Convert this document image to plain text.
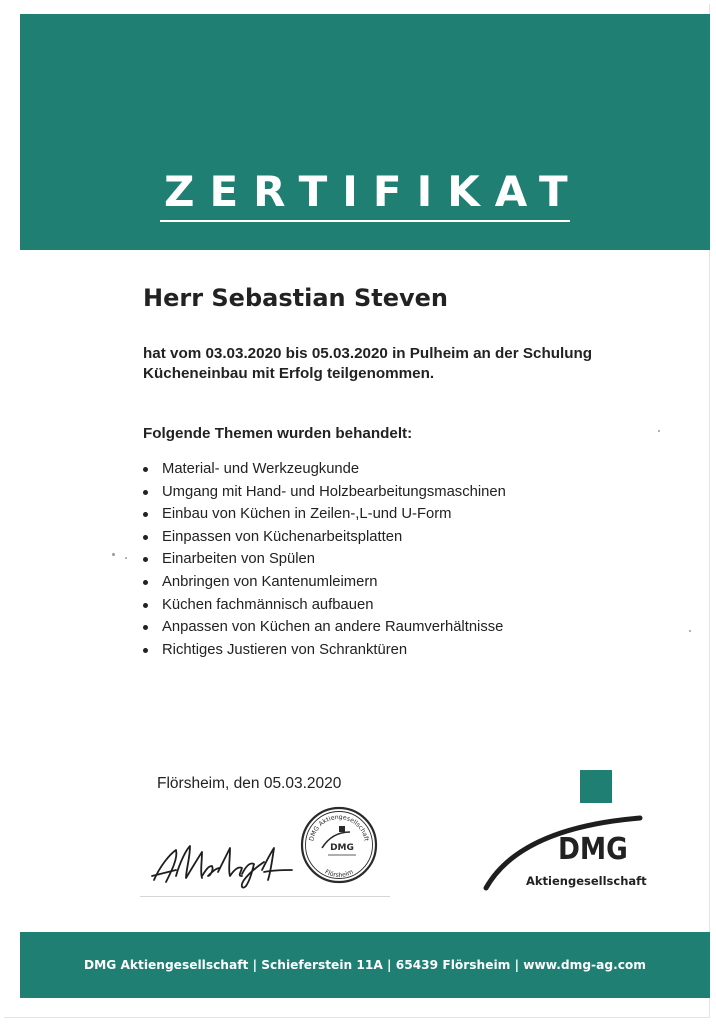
ZERTIFIKAT
Herr Sebastian Steven
hat vom 03.03.2020 bis 05.03.2020 in Pulheim an der Schulung
Kücheneinbau mit Erfolg teilgenommen.
Folgende Themen wurden behandelt:
Material- und Werkzeugkunde
Umgang mit Hand- und Holzbearbeitungsmaschinen
Einbau von Küchen in Zeilen-,L-und U-Form
Einpassen von Küchenarbeitsplatten
Einarbeiten von Spülen
Anbringen von Kantenumleimern
Küchen fachmännisch aufbauen
Anpassen von Küchen an andere Raumverhältnisse
Richtiges Justieren von Schranktüren
Flörsheim, den 05.03.2020
DMG Aktiengesellschaft
DMG
Flörsheim
DMG
Aktiengesellschaft
DMG Aktiengesellschaft | Schieferstein 11A | 65439 Flörsheim | www.dmg-ag.com
